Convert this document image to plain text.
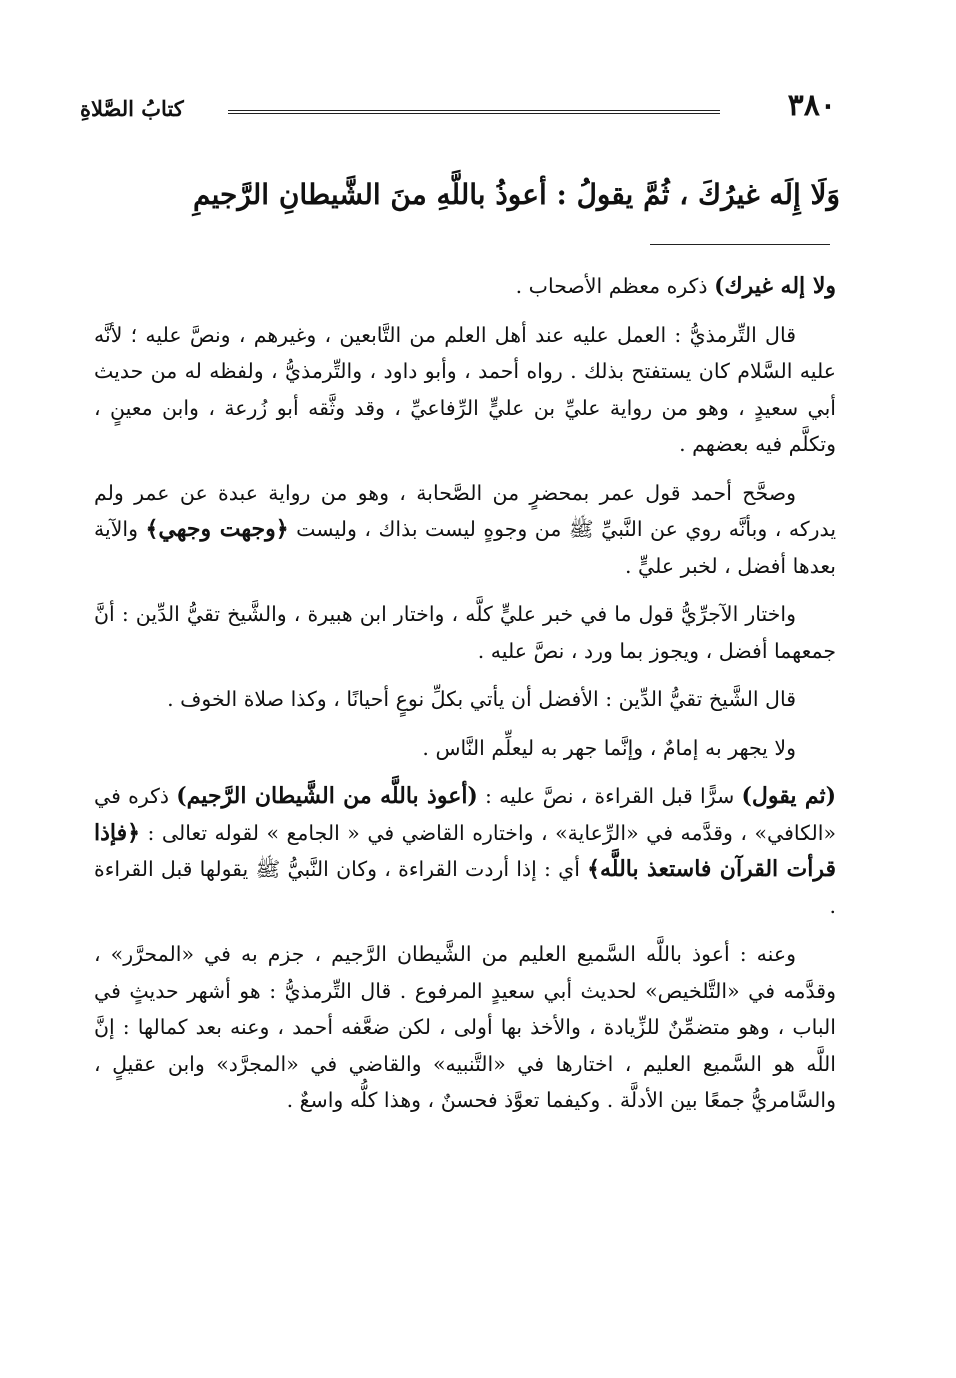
كتابُ الصَّلاةِ	٣٨٠
وَلَا إِلَه غيرُكَ ، ثُمَّ يقولُ : أعوذُ باللَّهِ منَ الشَّيطانِ الرَّجيمِ

ولا إله غيرك) ذكره معظم الأصحاب .

قال التِّرمذيُّ : العمل عليه عند أهل العلم من التَّابعين ، وغيرهم ، ونصَّ عليه ؛ لأنَّه عليه السَّلام كان يستفتح بذلك . رواه أحمد ، وأبو داود ، والتِّرمذيُّ ، ولفظه له من حديث أبي سعيدٍ ، وهو من رواية عليِّ بن عليٍّ الرِّفاعيِّ ، وقد وثَّقه أبو زُرعة ، وابن معينٍ ، وتكلَّم فيه بعضهم .

وصحَّح أحمد قول عمر بمحضرٍ من الصَّحابة ، وهو من رواية عبدة عن عمر ولم يدركه ، وبأنَّه روي عن النَّبيِّ ﷺ من وجوهٍ ليست بذاك ، وليست ﴿وجهت وجهي﴾ والآية بعدها أفضل ، لخبر عليٍّ .

واختار الآجرِّيُّ قول ما في خبر عليٍّ كلَّه ، واختار ابن هبيرة ، والشَّيخ تقيُّ الدِّين : أنَّ جمعهما أفضل ، ويجوز بما ورد ، نصَّ عليه .

قال الشَّيخ تقيُّ الدِّين : الأفضل أن يأتي بكلِّ نوعٍ أحيانًا ، وكذا صلاة الخوف .

ولا يجهر به إمامٌ ، وإنَّما جهر به ليعلِّم النَّاس .

(ثم يقول) سرًّا قبل القراءة ، نصَّ عليه : (أعوذ باللَّه من الشَّيطان الرَّجيم) ذكره في «الكافي» ، وقدَّمه في «الرِّعاية» ، واختاره القاضي في « الجامع » لقوله تعالى : ﴿فإذا قرأت القرآن فاستعذ باللَّه﴾ أي : إذا أردت القراءة ، وكان النَّبيُّ ﷺ يقولها قبل القراءة .

وعنه : أعوذ باللَّه السَّميع العليم من الشَّيطان الرَّجيم ، جزم به في «المحرَّر» ، وقدَّمه في «التَّلخيص» لحديث أبي سعيدٍ المرفوع . قال التِّرمذيُّ : هو أشهر حديثٍ في الباب ، وهو متضمِّنٌ للزِّيادة ، والأخذ بها أولى ، لكن ضعَّفه أحمد ، وعنه بعد كمالها : إنَّ اللَّه هو السَّميع العليم ، اختارها في «التَّنبيه» والقاضي في «المجرَّد» وابن عقيلٍ ، والسَّامريُّ جمعًا بين الأدلَّة . وكيفما تعوَّذ فحسنٌ ، وهذا كلُّه واسعٌ .
